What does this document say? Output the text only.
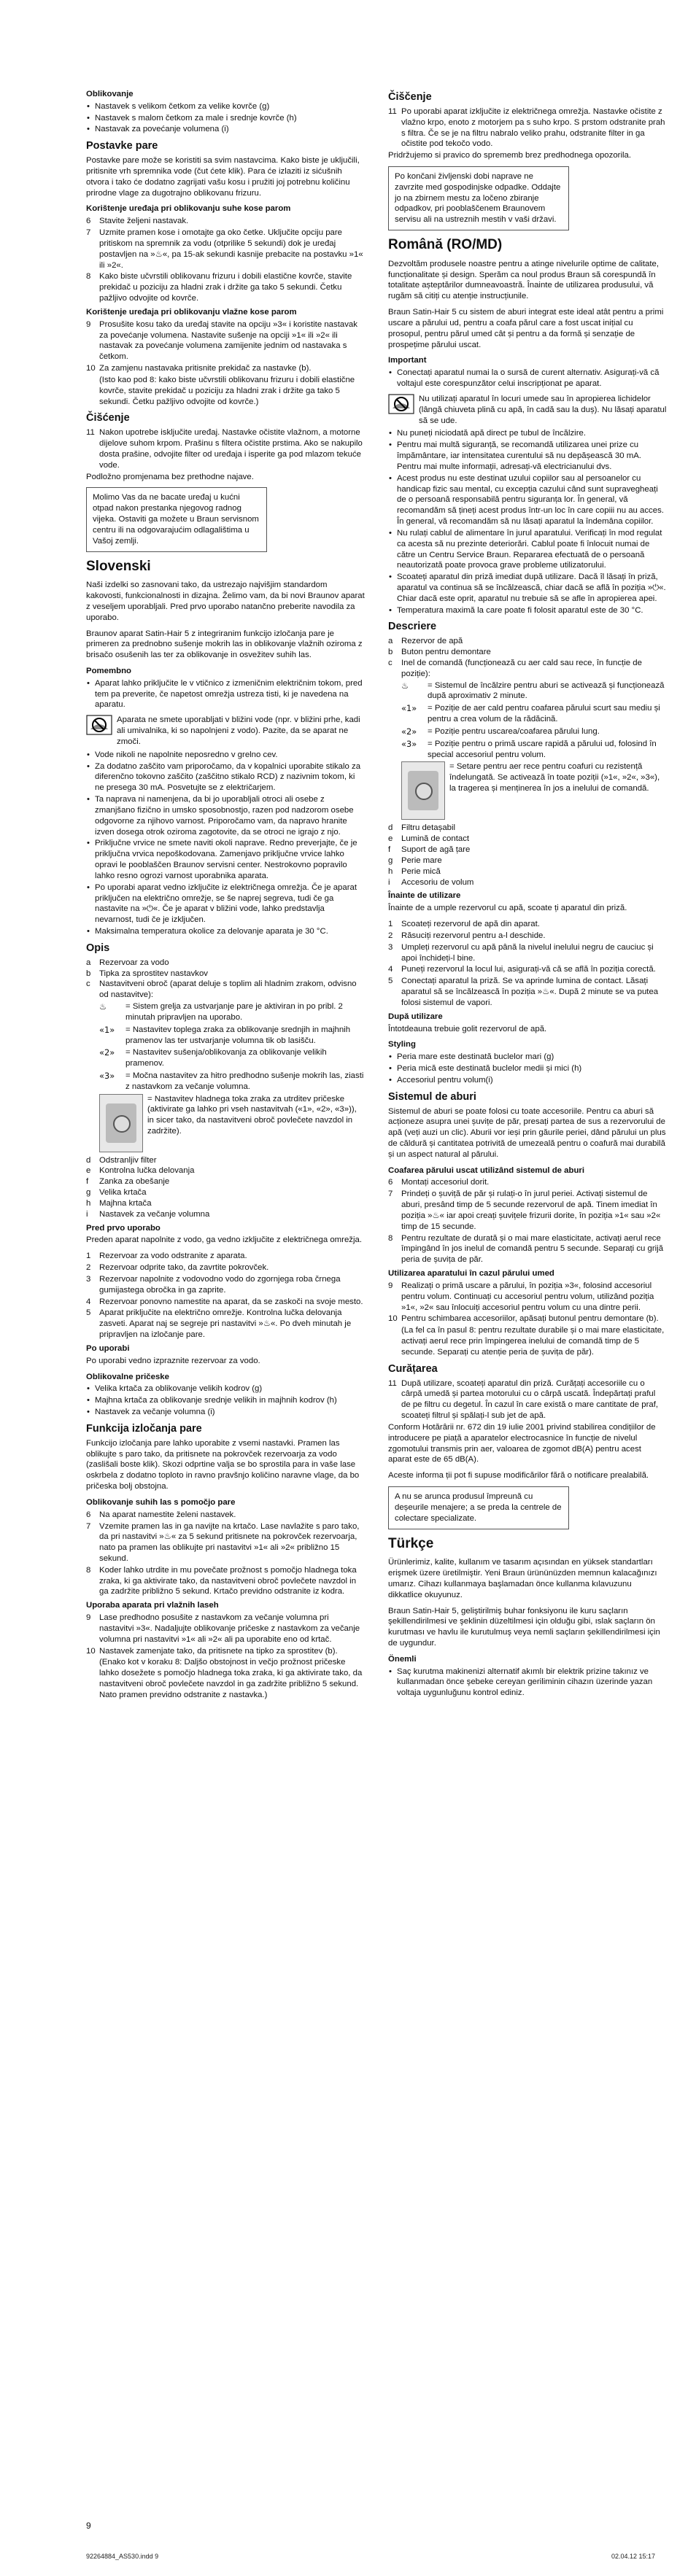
Oblikovanje
• Nastavek s velikom četkom za velike kovrče (g)
• Nastavek s malom četkom za male i srednje kovrče (h)
• Nastavak za povećanje volumena (i)
Postavke pare

Postavke pare može se koristiti sa svim nastavcima. Kako biste je uključili, pritisnite vrh spremnika vode (čut ćete klik). Para će izlaziti iz sićušnih otvora i tako će dodatno zagrijati vašu kosu i pružiti joj potrebnu količinu prirodne vlage za dugotrajno oblikovanu frizuru.

Korištenje uređaja pri oblikovanju suhe kose parom
6	Stavite željeni nastavak.
7	Uzmite pramen kose i omotajte ga oko četke. Uključite opciju pare pritiskom na spremnik za vodu (otprilike 5 sekundi) dok je uređaj postavljen na »♨«, pa 15-ak sekundi kasnije prebacite na postavku »1« ili »2«.
8	Kako biste učvrstili oblikovanu frizuru i dobili elastične kovrče, stavite prekidač u poziciju za hladni zrak i držite ga tako 5 sekundi. Četku pažljivo odvojite od kovrče.
Korištenje uređaja pri oblikovanju vlažne kose parom
9	Prosušite kosu tako da uređaj stavite na opciju »3« i koristite nastavak za povećanje volumena. Nastavite sušenje na opciji »1« ili »2« ili nastavak za povećanje volumena zamijenite jednim od nastavaka s četkom.
10 Za zamjenu nastavaka pritisnite prekidač za nastavke (b).
(Isto kao pod 8: kako biste učvrstili oblikovanu frizuru i dobili elastične kovrče, stavite prekidač u poziciju za hladni zrak i držite ga tako 5 sekundi. Četku pažljivo odvojite od kovrče.)
Čišćenje
11 Nakon upotrebe isključite uređaj. Nastavke očistite vlažnom, a motorne dijelove suhom krpom. Prašinu s filtera očistite prstima. Ako se nakupilo dosta prašine, odvojite filter od uređaja i isperite ga pod mlazom tekuće vode.

Podložno promjenama bez prethodne najave.

Molimo Vas da ne bacate uređaj u kućni otpad nakon prestanka njegovog radnog vijeka. Ostaviti ga možete u Braun servisnom centru ili na odgovarajućim odlagalištima u Vašoj zemlji.
Slovenski

Naši izdelki so zasnovani tako, da ustrezajo najvišjim standardom kakovosti, funkcionalnosti in dizajna. Želimo vam, da bi novi Braunov aparat z veseljem uporabljali. Pred prvo uporabo natančno preberite navodila za uporabo.

Braunov aparat Satin-Hair 5 z integriranim funkcijo izločanja pare je primeren za prednobno sušenje mokrih las in oblikovanje vlažnih oziroma z brisačo osušenih las ter za oblikovanje in osvežitev suhih las.

Pomembno
• Aparat lahko priključite le v vtičnico z izmeničnim električnim tokom, pred tem pa preverite, če napetost omrežja ustreza tisti, ki je navedena na aparatu.
Aparata ne smete uporabljati v bližini vode (npr. v bližini prhe, kadi ali umivalnika, ki so napolnjeni z vodo). Pazite, da se aparat ne zmoči.
• Vode nikoli ne napolnite neposredno v grelno cev.
• Za dodatno zaščito vam priporočamo, da v kopalnici uporabite stikalo za diferenčno tokovno zaščito (zaščitno stikalo RCD) z nazivnim tokom, ki ne presega 30 mA. Posvetujte se z električarjem.
• Ta naprava ni namenjena, da bi jo uporabljali otroci ali osebe z zmanjšano fizično in umsko sposobnostjo, razen pod nadzorom osebe odgovorne za njihovo varnost. Priporočamo vam, da napravo hranite izven dosega otrok oziroma zagotovite, da se otroci ne igrajo z njo.
• Priključne vrvice ne smete naviti okoli naprave. Redno preverjajte, če je priključna vrvica nepoškodovana. Zamenjavo priključne vrvice lahko opravi le pooblaščen Braunov servisni center. Nestrokovno popravilo lahko resno ogrozi varnost uporabnika aparata.
• Po uporabi aparat vedno izključite iz električnega omrežja. Če je aparat priključen na električno omrežje, se še naprej segreva, tudi če ga nastavite na »⏻«. Če je aparat v bližini vode, lahko predstavlja nevarnost, tudi če je izključen.
• Maksimalna temperatura okolice za delovanje aparata je 30 °C.
Opis
a	Rezervoar za vodo
b	Tipka za sprostitev nastavkov
c	Nastavitveni obroč (aparat deluje s toplim ali hladnim zrakom, odvisno od nastavitve):
♨	= Sistem grelja za ustvarjanje pare je aktiviran in po pribl. 2 minutah pripravljen na uporabo.
«1»	= Nastavitev toplega zraka za oblikovanje srednjih in majhnih pramenov las ter ustvarjanje volumna tik ob lasišču.
«2»	= Nastavitev sušenja/oblikovanja za oblikovanje velikih pramenov.
«3»	= Močna nastavitev za hitro predhodno sušenje mokrih las, ziasti z nastavkom za večanje volumna.
= Nastavitev hladnega toka zraka za utrditev pričeske (aktivirate ga lahko pri vseh nastavitvah («1», «2», «3»)), in sicer tako, da nastavitveni obroč povlečete navzdol in zadržite).
d	Odstranljiv filter
e	Kontrolna lučka delovanja
f	Zanka za obešanje
g	Velika krtača
h	Majhna krtača
i	Nastavek za večanje volumna
Pred prvo uporabo

Preden aparat napolnite z vodo, ga vedno izključite z električnega omrežja.

1	Rezervoar za vodo odstranite z aparata.
2	Rezervoar odprite tako, da zavrtite pokrovček.
3	Rezervoar napolnite z vodovodno vodo do zgornjega roba črnega gumijastega obročka in ga zaprite.
4	Rezervoar ponovno namestite na aparat, da se zaskoči na svoje mesto.
5	Aparat priključite na električno omrežje. Kontrolna lučka delovanja zasveti. Aparat naj se segreje pri nastavitvi »♨«. Po dveh minutah je pripravljen na izločanje pare.
Po uporabi

Po uporabi vedno izpraznite rezervoar za vodo.

Oblikovalne pričeske
• Velika krtača za oblikovanje velikih kodrov (g)
• Majhna krtača za oblikovanje srednje velikih in majhnih kodrov (h)
• Nastavek za večanje volumna (i)
Funkcija izločanja pare

Funkcijo izločanja pare lahko uporabite z vsemi nastavki. Pramen las oblikujte s paro tako, da pritisnete na pokrovček rezervoarja za vodo (zaslišali boste klik). Skozi odprtine valja se bo sprostila para in vaše lase oskrbela z dodatno toploto in ravno pravšnjo količino naravne vlage, da bo pričeska bolj obstojna.

Oblikovanje suhih las s pomočjo pare
6	Na aparat namestite želeni nastavek.
7	Vzemite pramen las in ga navijte na krtačo. Lase navlažite s paro tako, da pri nastavitvi »♨« za 5 sekund pritisnete na pokrovček rezervoarja, nato pa pramen las oblikujte pri nastavitvi »1« ali »2« približno 15 sekund.
8	Koder lahko utrdite in mu povečate prožnost s pomočjo hladnega toka zraka, ki ga aktivirate tako, da nastavitveni obroč povlečete navzdol in ga zadržite približno 5 sekund. Krtačo previdno odstranite iz kodra.
Uporaba aparata pri vlažnih laseh
9	Lase predhodno posušite z nastavkom za večanje volumna pri nastavitvi »3«. Nadaljujte oblikovanje pričeske z nastavkom za večanje volumna pri nastavitvi »1« ali »2« ali pa uporabite eno od krtač.
10 Nastavek zamenjate tako, da pritisnete na tipko za sprostitev (b).
(Enako kot v koraku 8: Daljšo obstojnost in večjo prožnost pričeske lahko dosežete s pomočjo hladnega toka zraka, ki ga aktivirate tako, da nastavitveni obroč povlečete navzdol in ga zadržite približno 5 sekund. Nato pramen previdno odstranite z nastavka.)
Čiščenje
11 Po uporabi aparat izključite iz električnega omrežja. Nastavke očistite z vlažno krpo, enoto z motorjem pa s suho krpo. S prstom odstranite prah s filtra. Če se je na filtru nabralo veliko prahu, odstranite filter in ga očistite pod tekočo vodo.

Pridržujemo si pravico do sprememb brez predhodnega opozorila.

Po končani življenski dobi naprave ne zavrzite med gospodinjske odpadke. Oddajte jo na zbirnem mestu za ločeno zbiranje odpadkov, pri pooblaščenem Braunovem servisu ali na ustreznih mestih v vaši državi.
Română (RO/MD)

Dezvoltăm produsele noastre pentru a atinge nivelurile optime de calitate, funcționalitate și design. Sperăm ca noul produs Braun să corespundă în totalitate așteptărilor dumneavoastră. Înainte de utilizarea produsului, vă rugăm să citiți cu atenție instrucțiunile.

Braun Satin-Hair 5 cu sistem de aburi integrat este ideal atât pentru a primi uscare a părului ud, pentru a coafa părul care a fost uscat inițial cu prosopul, pentru părul umed cât și pentru a da formă și senzație de prospețime părului uscat.

Important
• Conectați aparatul numai la o sursă de curent alternativ. Asigurați-vă că voltajul este corespunzător celui inscripționat pe aparat.
Nu utilizați aparatul în locuri umede sau în apropierea lichidelor (lângă chiuveta plină cu apă, în cadă sau la duș). Nu lăsați aparatul să se ude.
• Nu puneți niciodată apă direct pe tubul de încălzire.
• Pentru mai multă siguranță, se recomandă utilizarea unei prize cu împământare, iar intensitatea curentului să nu depășească 30 mA. Pentru mai multe informații, adresați-vă electricianului dvs.
• Acest produs nu este destinat uzului copiilor sau al persoanelor cu handicap fizic sau mental, cu excepția cazului când sunt supravegheați de o persoană responsabilă pentru siguranța lor. În general, vă recomandăm să țineți acest produs într-un loc în care copiii nu au acces. În general, vă recomandăm să nu lăsați aparatul la îndemâna copiilor.
• Nu rulați cablul de alimentare în jurul aparatului. Verificați în mod regulat ca acesta să nu prezinte deteriorări. Cablul poate fi înlocuit numai de către un Centru Service Braun. Repararea efectuată de o persoană neautorizată poate provoca grave probleme utilizatorului.
• Scoateți aparatul din priză imediat după utilizare. Dacă îl lăsați în priză, aparatul va continua să se încălzească, chiar dacă se află în poziția »⏻«. Chiar dacă este oprit, aparatul nu trebuie să se afle în apropierea apei.
• Temperatura maximă la care poate fi folosit aparatul este de 30 °C.
Descriere
a	Rezervor de apă
b	Buton pentru demontare
c	Inel de comandă (funcționează cu aer cald sau rece, în funcție de poziție):
♨	= Sistemul de încălzire pentru aburi se activează și funcționează după aproximativ 2 minute.
«1»	= Poziție de aer cald pentru coafarea părului scurt sau mediu și pentru a crea volum de la rădăcină.
«2»	= Poziție pentru uscarea/coafarea părului lung.
«3»	= Poziție pentru o primă uscare rapidă a părului ud, folosind în special accesoriul pentru volum.
= Setare pentru aer rece pentru coafuri cu rezistență îndelungată. Se activează în toate poziții (»1«, »2«, »3«), la tragerea și menținerea în jos a inelului de comandă.
d	Filtru detașabil
e	Lumină de contact
f	Suport de agă țare
g	Perie mare
h	Perie mică
i	Accesoriu de volum
Înainte de utilizare

Înainte de a umple rezervorul cu apă, scoate ți aparatul din priză.

1	Scoateți rezervorul de apă din aparat.
2	Răsuciți rezervorul pentru a-l deschide.
3	Umpleți rezervorul cu apă până la nivelul inelului negru de cauciuc și apoi închideți-l bine.
4	Puneți rezervorul la locul lui, asigurați-vă că se află în poziția corectă.
5	Conectați aparatul la priză. Se va aprinde lumina de contact. Lăsați aparatul să se încălzească în poziția »♨«. După 2 minute se va putea folosi sistemul de vapori.
După utilizare

Întotdeauna trebuie golit rezervorul de apă.

Styling
• Peria mare este destinată buclelor mari (g)
• Peria mică este destinată buclelor medii și mici (h)
• Accesoriul pentru volum(i)
Sistemul de aburi

Sistemul de aburi se poate folosi cu toate accesoriile. Pentru ca aburi să acționeze asupra unei șuvițe de păr, presați partea de sus a rezervorului de apă (veți auzi un clic). Aburii vor ieși prin găurile periei, dând părului un plus de căldură și cantitatea potrivită de umezeală pentru o coafură mai durabilă și un aspect natural al părului.

Coafarea părului uscat utilizând sistemul de aburi
6	Montați accesoriul dorit.
7	Prindeți o șuviță de păr și rulați-o în jurul periei. Activați sistemul de aburi, presând timp de 5 secunde rezervorul de apă. Tinem imediat în poziția »♨« iar apoi creați șuvițele frizurii dorite, în poziția »1« sau »2« timp de 15 secunde.
8	Pentru rezultate de durată și o mai mare elasticitate, activați aerul rece împingând în jos inelul de comandă pentru 5 secunde. Separați cu grijă peria de șuvița de păr.
Utilizarea aparatului în cazul părului umed
9	Realizați o primă uscare a părului, în poziția »3«, folosind accesoriul pentru volum. Continuați cu accesoriul pentru volum, utilizând poziția »1«, »2« sau înlocuiți accesoriul pentru volum cu una dintre perii.
10 Pentru schimbarea accesoriilor, apăsați butonul pentru demontare (b).
(La fel ca în pasul 8: pentru rezultate durabile și o mai mare elasticitate, activați aerul rece prin împingerea inelului de comandă timp de 5 secunde. Separați cu atenție peria de șuvița de păr).
Curățarea
11 După utilizare, scoateți aparatul din priză. Curățați accesoriile cu o cârpă umedă și partea motorului cu o cârpă uscată. Îndepărtați praful de pe filtru cu degetul. În cazul în care există o mare cantitate de praf, scoateți filtrul și spălați-l sub jet de apă.

Conform Hotărârii nr. 672 din 19 iulie 2001 privind stabilirea condițiilor de introducere pe piață a aparatelor electrocasnice în funcție de nivelul zgomotului transmis prin aer, valoarea de zgomot dB(A) pentru acest aparat este de 65 dB(A).

Aceste informa ții pot fi supuse modificărilor fără o notificare prealabilă.

A nu se arunca produsul împreună cu deșeurile menajere; a se preda la centrele de colectare specializate.
Türkçe

Ürünlerimiz, kalite, kullanım ve tasarım açısından en yüksek standartları erişmek üzere üretilmiştir. Yeni Braun ürününüzden memnun kalacağınızı umarız. Cihazı kullanmaya başlamadan önce kullanma kılavuzunu dikkatlice okuyunuz.

Braun Satin-Hair 5, geliştirilmiş buhar fonksiyonu ile kuru saçların şekillendirilmesi ve şeklinin düzeltilmesi için olduğu gibi, ıslak saçların ön kurutması ve havlu ile kurutulmuş veya nemli saçların şekillendirilmesi için de uygundur.

Önemli
• Saç kurutma makinenizi alternatif akımlı bir elektrik prizine takınız ve kullanmadan önce şebeke cereyan geriliminin cihazın üzerinde yazan voltaja uygunluğunu kontrol ediniz.
9
92264884_AS530.indd 9	02.04.12 15:17
